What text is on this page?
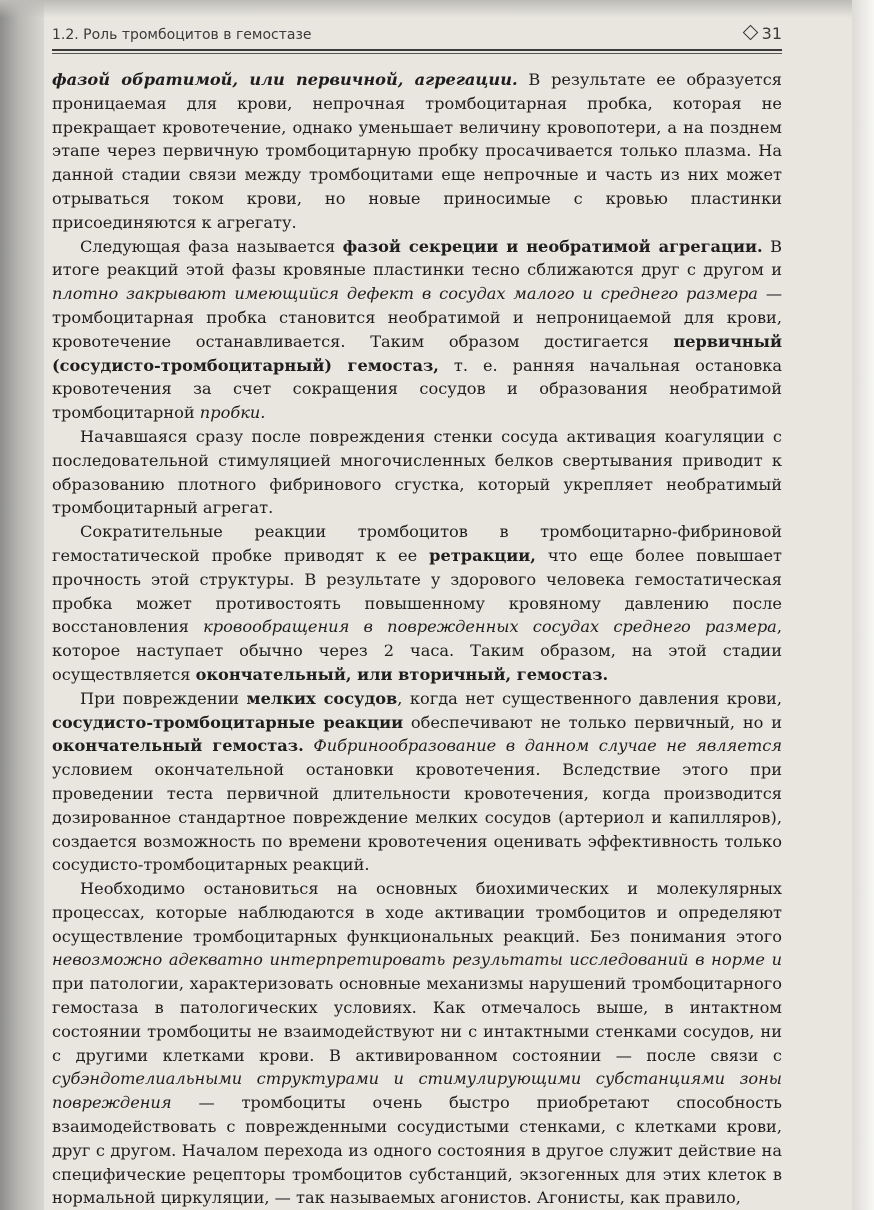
1.2. Роль тромбоцитов в гемостазе	31

фазой обратимой, или первичной, агрегации. В результате ее образуется проницаемая для крови, непрочная тромбоцитарная пробка, которая не прекращает кровотечение, однако уменьшает величину кровопотери, а на позднем этапе через первичную тромбоцитарную пробку просачивается только плазма. На данной стадии связи между тромбоцитами еще непрочные и часть из них может отрываться током крови, но новые приносимые с кровью пластинки присоединяются к агрегату.

Следующая фаза называется фазой секреции и необратимой агрегации. В итоге реакций этой фазы кровяные пластинки тесно сближаются друг с другом и плотно закрывают имеющийся дефект в сосудах малого и среднего размера — тромбоцитарная пробка становится необратимой и непроницаемой для крови, кровотечение останавливается. Таким образом достигается первичный (сосудисто-тромбоцитарный) гемостаз, т. е. ранняя начальная остановка кровотечения за счет сокращения сосудов и образования необратимой тромбоцитарной пробки.

Начавшаяся сразу после повреждения стенки сосуда активация коагуляции с последовательной стимуляцией многочисленных белков свертывания приводит к образованию плотного фибринового сгустка, который укрепляет необратимый тромбоцитарный агрегат.

Сократительные реакции тромбоцитов в тромбоцитарно-фибриновой гемостатической пробке приводят к ее ретракции, что еще более повышает прочность этой структуры. В результате у здорового человека гемостатическая пробка может противостоять повышенному кровяному давлению после восстановления кровообращения в поврежденных сосудах среднего размера, которое наступает обычно через 2 часа. Таким образом, на этой стадии осуществляется окончательный, или вторичный, гемостаз.

При повреждении мелких сосудов, когда нет существенного давления крови, сосудисто-тромбоцитарные реакции обеспечивают не только первичный, но и окончательный гемостаз. Фибринообразование в данном случае не является условием окончательной остановки кровотечения. Вследствие этого при проведении теста первичной длительности кровотечения, когда производится дозированное стандартное повреждение мелких сосудов (артериол и капилляров), создается возможность по времени кровотечения оценивать эффективность только сосудисто-тромбоцитарных реакций.

Необходимо остановиться на основных биохимических и молекулярных процессах, которые наблюдаются в ходе активации тромбоцитов и определяют осуществление тромбоцитарных функциональных реакций. Без понимания этого невозможно адекватно интерпретировать результаты исследований в норме и при патологии, характеризовать основные механизмы нарушений тромбоцитарного гемостаза в патологических условиях. Как отмечалось выше, в интактном состоянии тромбоциты не взаимодействуют ни с интактными стенками сосудов, ни с другими клетками крови. В активированном состоянии — после связи с субэндотелиальными структурами и стимулирующими субстанциями зоны повреждения — тромбоциты очень быстро приобретают способность взаимодействовать с поврежденными сосудистыми стенками, с клетками крови, друг с другом. Началом перехода из одного состояния в другое служит действие на специфические рецепторы тромбоцитов субстанций, экзогенных для этих клеток в нормальной циркуляции, — так называемых агонистов. Агонисты, как правило,
